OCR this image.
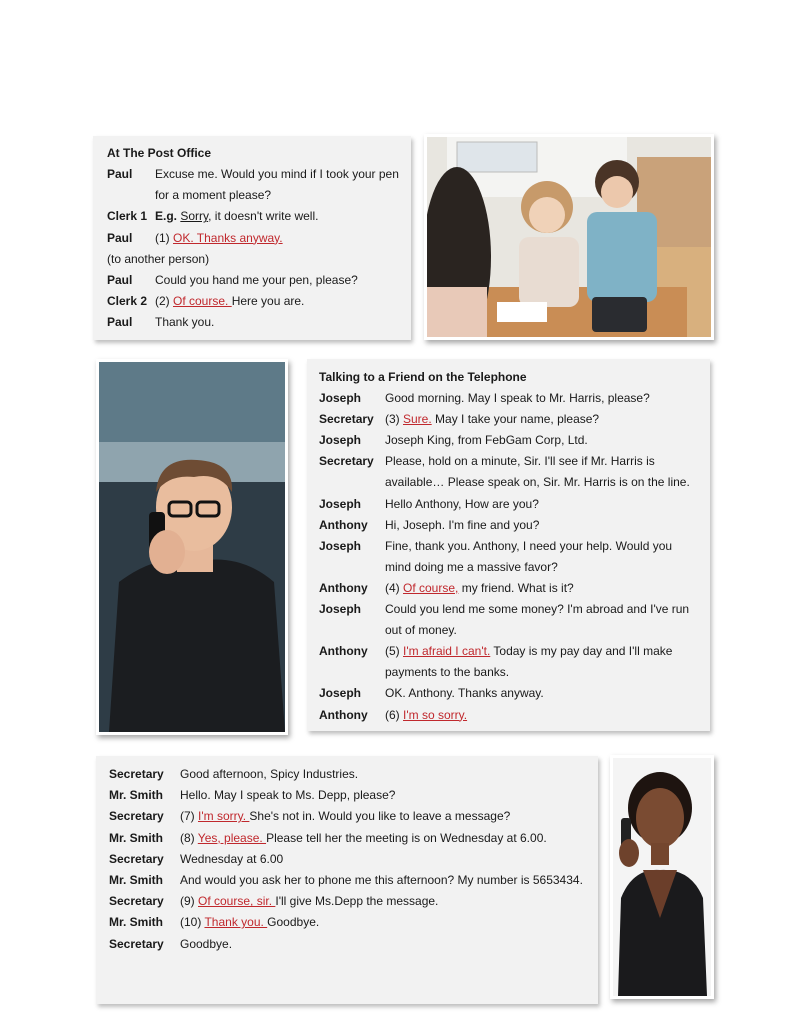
At The Post Office
Paul Excuse me. Would you mind if I took your pen
for a moment please?
Clerk 1 E.g. Sorry, it doesn't write well.
Paul (1) OK. Thanks anyway.
(to another person)
Paul Could you hand me your pen, please?
Clerk 2 (2) Of course. Here you are.
Paul Thank you.
Talking to a Friend on the Telephone
Joseph Good morning. May I speak to Mr. Harris, please?
Secretary (3) Sure. May I take your name, please?
Joseph Joseph King, from FebGam Corp, Ltd.
Secretary Please, hold on a minute, Sir. I'll see if Mr. Harris is
available… Please speak on, Sir. Mr. Harris is on the line.
Joseph Hello Anthony, How are you?
Anthony Hi, Joseph. I'm fine and you?
Joseph Fine, thank you. Anthony, I need your help. Would you
mind doing me a massive favor?
Anthony (4) Of course, my friend. What is it?
Joseph Could you lend me some money? I'm abroad and I've run
out of money.
Anthony (5) I'm afraid I can't. Today is my pay day and I'll make
payments to the banks.
Joseph OK. Anthony. Thanks anyway.
Anthony (6) I'm so sorry.
Secretary Good afternoon, Spicy Industries.
Mr. Smith Hello. May I speak to Ms. Depp, please?
Secretary (7) I'm sorry. She's not in. Would you like to leave a message?
Mr. Smith (8) Yes, please. Please tell her the meeting is on Wednesday at 6.00.
Secretary Wednesday at 6.00
Mr. Smith And would you ask her to phone me this afternoon? My number is 5653434.
Secretary (9) Of course, sir. I'll give Ms.Depp the message.
Mr. Smith (10) Thank you. Goodbye.
Secretary Goodbye.
